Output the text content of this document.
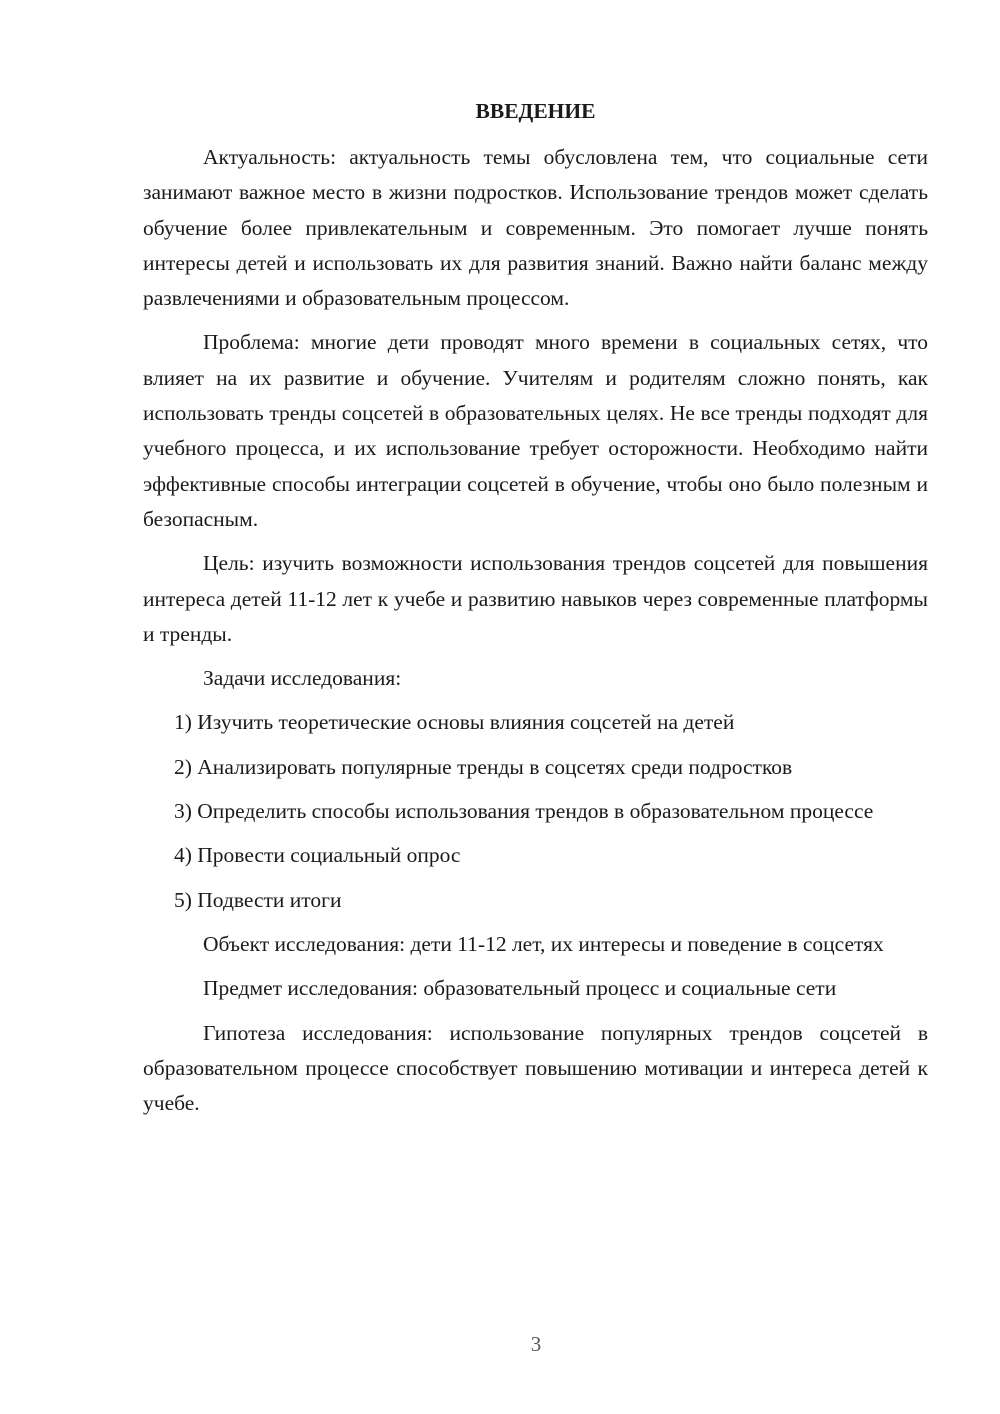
ВВЕДЕНИЕ

Актуальность: актуальность темы обусловлена тем, что социальные сети занимают важное место в жизни подростков. Использование трендов может сделать обучение более привлекательным и современным. Это помогает лучше понять интересы детей и использовать их для развития знаний. Важно найти баланс между развлечениями и образовательным процессом.

Проблема: многие дети проводят много времени в социальных сетях, что влияет на их развитие и обучение. Учителям и родителям сложно понять, как использовать тренды соцсетей в образовательных целях. Не все тренды подходят для учебного процесса, и их использование требует осторожности. Необходимо найти эффективные способы интеграции соцсетей в обучение, чтобы оно было полезным и безопасным.

Цель: изучить возможности использования трендов соцсетей для повышения интереса детей 11-12 лет к учебе и развитию навыков через современные платформы и тренды.

Задачи исследования:

1) Изучить теоретические основы влияния соцсетей на детей

2) Анализировать популярные тренды в соцсетях среди подростков

3) Определить способы использования трендов в образовательном процессе

4) Провести социальный опрос

5) Подвести итоги

Объект исследования: дети 11-12 лет, их интересы и поведение в соцсетях

Предмет исследования: образовательный процесс и социальные сети

Гипотеза исследования: использование популярных трендов соцсетей в образовательном процессе способствует повышению мотивации и интереса детей к учебе.

3
